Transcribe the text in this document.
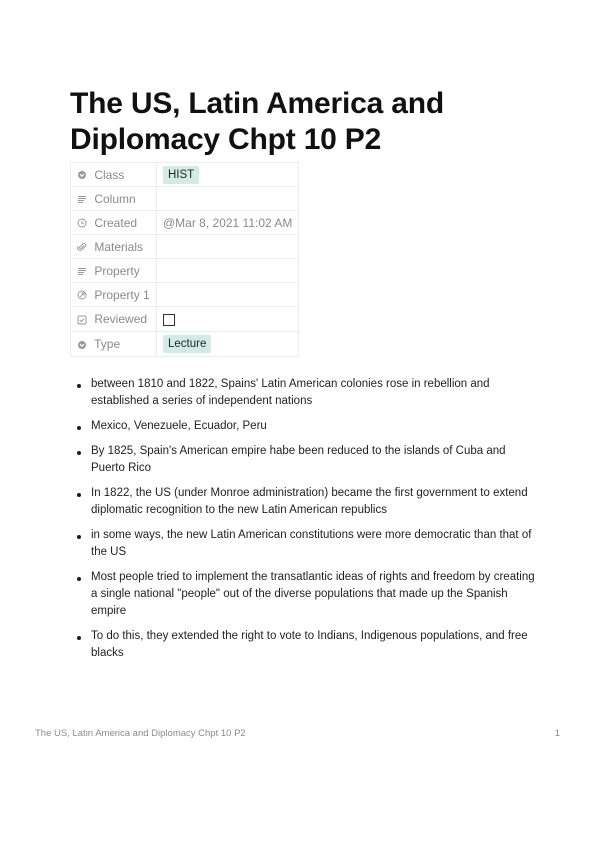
The US, Latin America and Diplomacy Chpt 10 P2
Class	HIST

Column	

Created	@Mar 8, 2021 11:02 AM

Materials	

Property	

Property 1	

Reviewed	

Type	Lecture
between 1810 and 1822, Spains' Latin American colonies rose in rebellion and established a series of independent nations
Mexico, Venezuele, Ecuador, Peru
By 1825, Spain's American empire habe been reduced to the islands of Cuba and Puerto Rico
In 1822, the US (under Monroe administration) became the first government to extend diplomatic recognition to the new Latin American republics
in some ways, the new Latin American constitutions were more democratic than that of the US
Most people tried to implement the transatlantic ideas of rights and freedom by creating a single national "people" out of the diverse populations that made up the Spanish empire
To do this, they extended the right to vote to Indians, Indigenous populations, and free blacks
The US, Latin America and Diplomacy Chpt 10 P2	1
